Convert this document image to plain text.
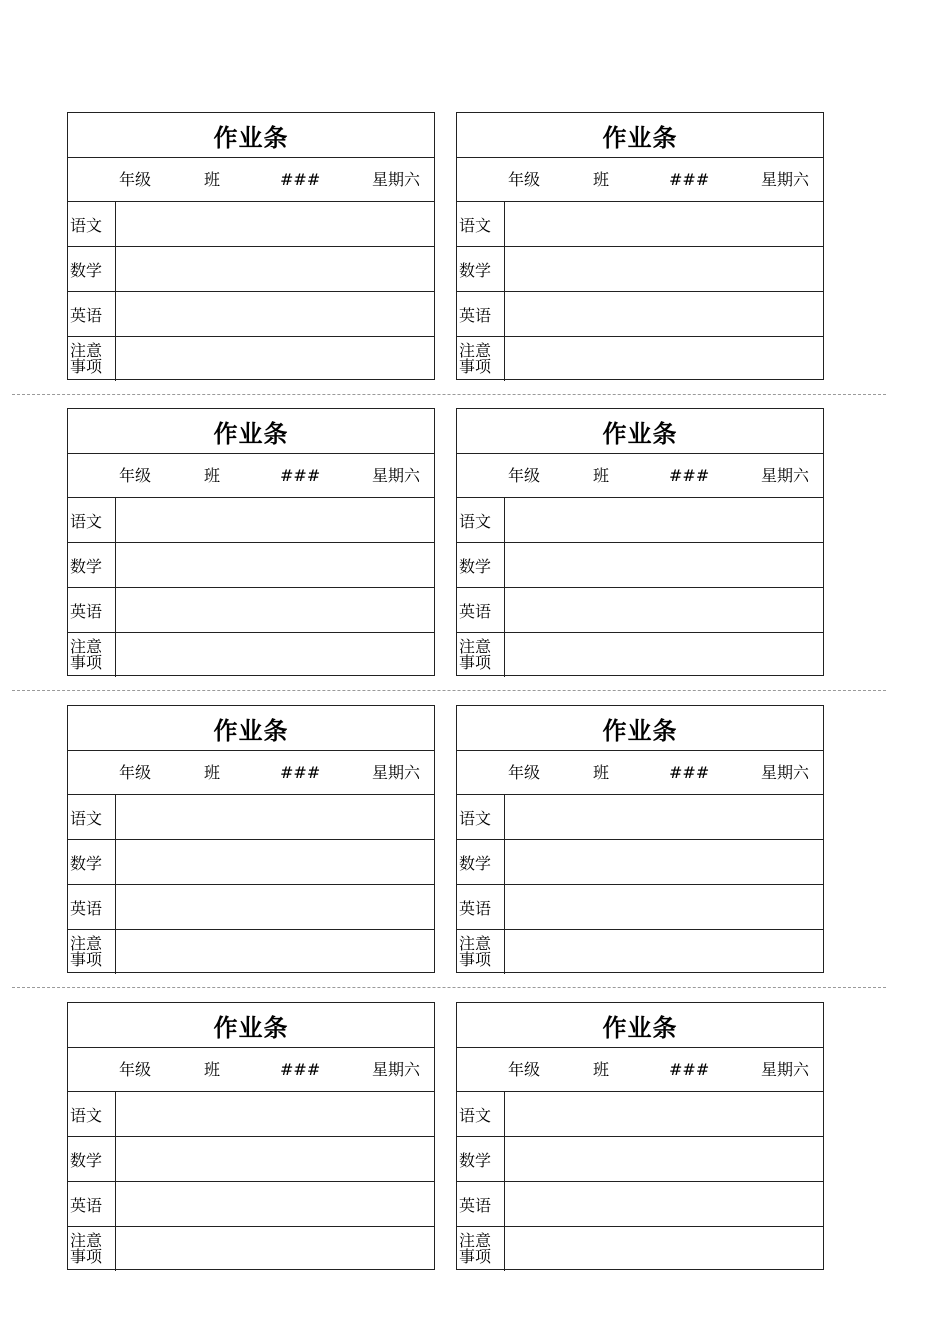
作业条
年级	班	###	星期六
语文
数学
英语
注意
事项
作业条
年级	班	###	星期六
语文
数学
英语
注意
事项
作业条
年级	班	###	星期六
语文
数学
英语
注意
事项
作业条
年级	班	###	星期六
语文
数学
英语
注意
事项
作业条
年级	班	###	星期六
语文
数学
英语
注意
事项
作业条
年级	班	###	星期六
语文
数学
英语
注意
事项
作业条
年级	班	###	星期六
语文
数学
英语
注意
事项
作业条
年级	班	###	星期六
语文
数学
英语
注意
事项
